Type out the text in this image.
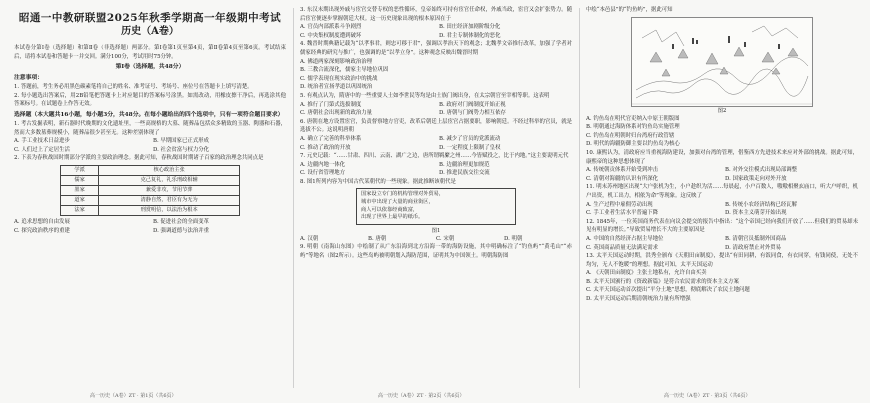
昭通一中教研联盟2025年秋季学期高一年级期中考试
历史（A卷）

本试卷分第Ⅰ卷（选择题）和第Ⅱ卷（非选择题）两部分。第Ⅰ卷第1页至第4页，第Ⅱ卷第4页至第6页。考试结束后，请将本试卷和答题卡一并交回。满分100分，考试用时75分钟。

第Ⅰ卷（选择题，共48分）
注意事项：

1. 答题前，考生务必用黑色碳素笔将自己的姓名、准考证号、考场号、座位号在答题卡上填写清楚。

2. 每小题选出答案后，用2B铅笔把答题卡上对应题目的答案标号涂黑。如需改动，用橡皮擦干净后，再选涂其他答案标号。在试题卷上作答无效。

选择题（本大题共16小题，每小题3分，共48分。在每小题给出的四个选项中，只有一项符合题目要求）

1. 考古发掘表明，新石器时代晚期的文化遗址里，一些高规格的大墓、随葬品包括众多精致的玉器、陶器和石器，然而大多数墓葬规模小，随葬品很少甚至无。这种差别体现了

A. 手工业技术日益进步	B. 早期国家已正式形成
C. 人们过上了定居生活	D. 社会贫富与权力分化

2. 下表为春秋战国时期部分学派的主要政治理念。据此可知，春秋战国时期诸子百家的政治理念共同点是

学派	核心政治主张
儒家	克己复礼，礼乐刑政相辅
墨家	兼爱非攻，节用节葬
道家	清静自然，君臣有为无为
法家	刑赏明信，以法治为根本
A. 追求思想的自由发展	B. 促进社会的全面变革
C. 探究政治秩序的重建	D. 强调道德与法治并重
高一历史（A卷）ZT · 第1页（共6页）

3. 东汉末期出现外戚与宦官交替专权的恶性循环，皇帝始终可持有宦官任命权，外戚当政，宦官又会扩张势力。随后宦官便逐步掌握朝廷大权。这一历史现象出现的根本原因在于

A. 官员内部派系斗争剧烈	B. 田庄经济加剧阶级分化
C. 中央集权制度遭到破坏	D. 君主专制体制化的恶化

4. 魏晋时期典籍记载为“以孝事君，则忠可移于君”，强调以孝治天下的观念；北魏孝文帝推行改革，加强了学者对儒家经典的研究与推广，也强调的是“以孝立身”。这种观念反映出魏晋时期

A. 佛道两家深刻影响政治治理

B. 三教合流深化，儒家主导地位巩固

C. 儒学表现在现实政治中的挑战

D. 统治者宣扬孝道以巩固统治

5. 有观点认为，隋唐中的一些重要人士如李世民等均是由士族门阀出身，在太宗朝官至宰相等职。这表明

A. 推行了门第式选拔制度	B. 政府对门阀制度开始正视
C. 唐朝社会出现新的政治力量	D. 唐朝与门阀势力相互依存

6. 唐朝在地方设置宦官，负责督察地方官吏，改革后朝廷上层宦官占据要职，影响朝廷。不经过科举的官员，就是选拔不公。这说明唐朝

A. 确立了完善的科举体系	B. 减少了官员的党派流动
C. 推动了政治的开放	D. 一定程度上限制了皇权

7. 元史记载：“……甘肃、四川、云南、湖广之边，唐所谓羁縻之州……今皆赋役之，比于内地。”这主要说明元代

A. 边疆内地一体化	B. 边疆治理更加规范
C. 设行省管理地方	D. 推进民族交往交流

8. 图1所列内容为中国古代某朝代的一些现象。据此推断该朝代是

国家设立专门的机构管理对外贸易，
城市中出现了大量的商业街区，
商人可以依靠经商致富，
出现了世界上最早的纸币。
图1
A. 汉朝	B. 唐朝	C. 宋朝	D. 明朝

9. 明朝《南海山东图》中绘制了从广东沿海到北方沿海一带的海防设施，其中明确标注了“钓鱼屿”“黄毛山”“赤屿”等地名（图2所示）。这些岛屿被明朝划入海防范围，证明其为中国领土。明朝海防图

高一历史（A卷）ZT · 第2页（共6页）

中绘“本邑县”的“钓鱼屿”，据此可知

图2

A. 钓鱼岛在明代官吏纳入中原王朝版图

B. 明朝通过海防体系对钓鱼岛实施管理

C. 钓鱼岛在明朝时归台湾府行政管辖

D. 明代的海疆防御主要以钓鱼岛为核心

10. 康熙认为，清政府应当重视海防建设，加强对台湾的管理，借鉴西方先进技术来应对外部的挑战。据此可知，康熙帝的这种思想体现了

A. 传统朝贡体系开始受到冲击	B. 对外交往模式出现局部调整
C. 清朝对海疆的认识有所深化	D. 国家政策走向对外开放

11. 明末苏州地区出现“大户张机为生，小户趁织为活……每晨起，小户百数人，嗷嗷相聚玄庙口，听大户呼织，机户出资，机工出力，相依为命”等现象。这反映了

A. 生产过程中雇佣劳动出现	B. 传统小农经济结构已经瓦解
C. 手工业者生活水平普遍下降	D. 资本主义萌芽开始出现

12. 1845年，一位英国商务代表在向议会提交的报告中指出：“这个帝国已经向我们开放了……但我们的贸易却未见有明显的增长。”导致贸易增长不大的主要原因是

A. 中国的自然经济占据主导地位	B. 清朝官员抵制外国商品
C. 英国商品质量无法满足需求	D. 清政府禁止对外贸易

13. 太平天国运动时期，洪秀全颁布《天朝田亩制度》，提出“有田同耕，有饭同食，有衣同穿，有钱同使，无处不均匀，无人不饱暖”的理想。据此可知，太平天国运动

A. 《天朝田亩制度》主张土地私有，允许自由买卖

B. 太平天国颁行的《资政新篇》是符合农民需求的资本主义方案

C. 太平天国运动首次提出“平分土地”思想，彻底解决了农民土地问题

D. 太平天国运动后期清朝统治力量有所增强

高一历史（A卷）ZT · 第3页（共6页）
